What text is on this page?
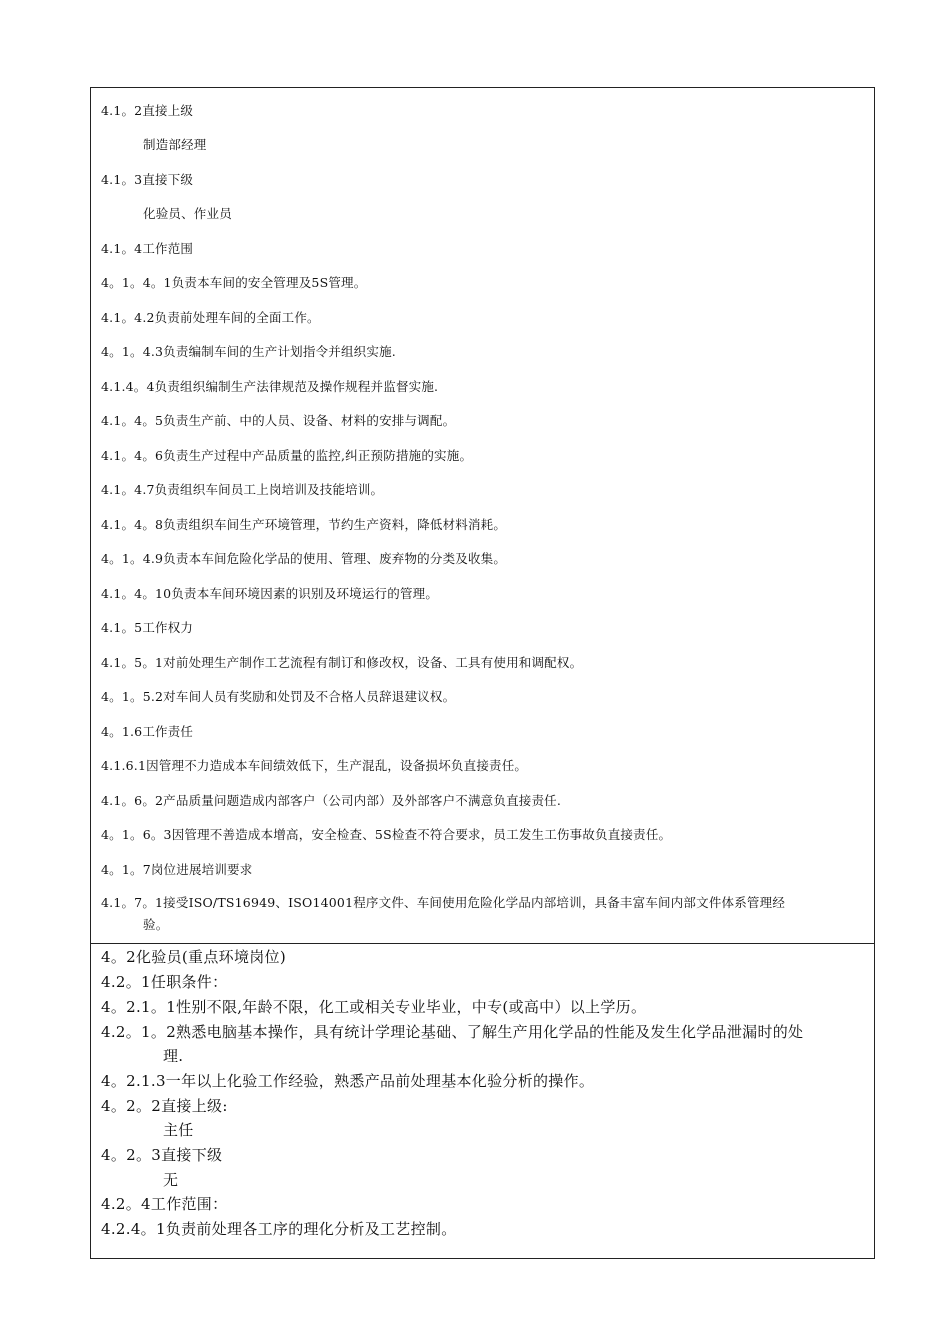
4.1。2直接上级
制造部经理
4.1。3直接下级
化验员、作业员
4.1。4工作范围
4。1。4。1负责本车间的安全管理及5S管理。
4.1。4.2负责前处理车间的全面工作。
4。1。4.3负责编制车间的生产计划指令并组织实施.
4.1.4。4负责组织编制生产法律规范及操作规程并监督实施.
4.1。4。5负责生产前、中的人员、设备、材料的安排与调配。
4.1。4。6负责生产过程中产品质量的监控,纠正预防措施的实施。
4.1。4.7负责组织车间员工上岗培训及技能培训。
4.1。4。8负责组织车间生产环境管理，节约生产资料，降低材料消耗。
4。1。4.9负责本车间危险化学品的使用、管理、废弃物的分类及收集。
4.1。4。10负责本车间环境因素的识别及环境运行的管理。
4.1。5工作权力
4.1。5。1对前处理生产制作工艺流程有制订和修改权，设备、工具有使用和调配权。
4。1。5.2对车间人员有奖励和处罚及不合格人员辞退建议权。
4。1.6工作责任
4.1.6.1因管理不力造成本车间绩效低下，生产混乱，设备损坏负直接责任。
4.1。6。2产品质量问题造成内部客户（公司内部）及外部客户不满意负直接责任.
4。1。6。3因管理不善造成本增高，安全检查、5S检查不符合要求，员工发生工伤事故负直接责任。
4。1。7岗位进展培训要求
4.1。7。1接受ISO/TS16949、ISO14001程序文件、车间使用危险化学品内部培训，具备丰富车间内部文件体系管理经
验。
4。2化验员(重点环境岗位)
4.2。1任职条件：
4。2.1。1性别不限,年龄不限，化工或相关专业毕业，中专(或高中）以上学历。
4.2。1。2熟悉电脑基本操作，具有统计学理论基础、了解生产用化学品的性能及发生化学品泄漏时的处
理.
4。2.1.3一年以上化验工作经验，熟悉产品前处理基本化验分析的操作。
4。2。2直接上级:
主任
4。2。3直接下级
无
4.2。4工作范围：
4.2.4。1负责前处理各工序的理化分析及工艺控制。
